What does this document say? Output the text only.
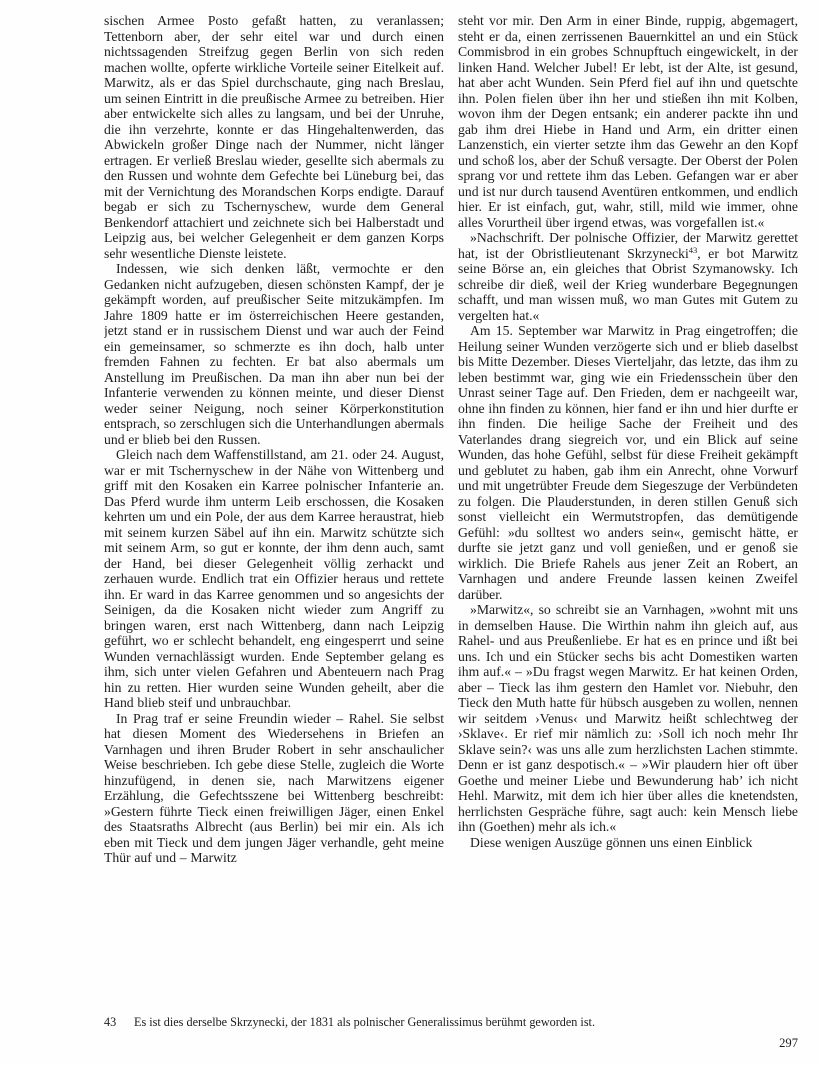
sischen Armee Posto gefaßt hatten, zu veranlassen; Tettenborn aber, der sehr eitel war und durch einen nichtssagenden Streifzug gegen Berlin von sich reden machen wollte, opferte wirkliche Vorteile seiner Eitelkeit auf. Marwitz, als er das Spiel durchschaute, ging nach Breslau, um seinen Eintritt in die preußische Armee zu betreiben. Hier aber entwickelte sich alles zu langsam, und bei der Unruhe, die ihn verzehrte, konnte er das Hingehaltenwerden, das Abwickeln großer Dinge nach der Nummer, nicht länger ertragen. Er verließ Breslau wieder, gesellte sich abermals zu den Russen und wohnte dem Gefechte bei Lüneburg bei, das mit der Vernichtung des Morandschen Korps endigte. Darauf begab er sich zu Tschernyschew, wurde dem General Benkendorf attachiert und zeichnete sich bei Halberstadt und Leipzig aus, bei welcher Gelegenheit er dem ganzen Korps sehr wesentliche Dienste leistete.

Indessen, wie sich denken läßt, vermochte er den Gedanken nicht aufzugeben, diesen schönsten Kampf, der je gekämpft worden, auf preußischer Seite mitzukämpfen. Im Jahre 1809 hatte er im österreichischen Heere gestanden, jetzt stand er in russischem Dienst und war auch der Feind ein gemeinsamer, so schmerzte es ihn doch, halb unter fremden Fahnen zu fechten. Er bat also abermals um Anstellung im Preußischen. Da man ihn aber nun bei der Infanterie verwenden zu können meinte, und dieser Dienst weder seiner Neigung, noch seiner Körperkonstitution entsprach, so zerschlugen sich die Unterhandlungen abermals und er blieb bei den Russen.

Gleich nach dem Waffenstillstand, am 21. oder 24. August, war er mit Tschernyschew in der Nähe von Wittenberg und griff mit den Kosaken ein Karree polnischer Infanterie an. Das Pferd wurde ihm unterm Leib erschossen, die Kosaken kehrten um und ein Pole, der aus dem Karree heraustrat, hieb mit seinem kurzen Säbel auf ihn ein. Marwitz schützte sich mit seinem Arm, so gut er konnte, der ihm denn auch, samt der Hand, bei dieser Gelegenheit völlig zerhackt und zerhauen wurde. Endlich trat ein Offizier heraus und rettete ihn. Er ward in das Karree genommen und so angesichts der Seinigen, da die Kosaken nicht wieder zum Angriff zu bringen waren, erst nach Wittenberg, dann nach Leipzig geführt, wo er schlecht behandelt, eng eingesperrt und seine Wunden vernachlässigt wurden. Ende September gelang es ihm, sich unter vielen Gefahren und Abenteuern nach Prag hin zu retten. Hier wurden seine Wunden geheilt, aber die Hand blieb steif und unbrauchbar.

In Prag traf er seine Freundin wieder – Rahel. Sie selbst hat diesen Moment des Wiedersehens in Briefen an Varnhagen und ihren Bruder Robert in sehr anschaulicher Weise beschrieben. Ich gebe diese Stelle, zugleich die Worte hinzufügend, in denen sie, nach Marwitzens eigener Erzählung, die Gefechtsszene bei Wittenberg beschreibt: »Gestern führte Tieck einen freiwilligen Jäger, einen Enkel des Staatsraths Albrecht (aus Berlin) bei mir ein. Als ich eben mit Tieck und dem jungen Jäger verhandle, geht meine Thür auf und – Marwitz

steht vor mir. Den Arm in einer Binde, ruppig, abgemagert, steht er da, einen zerrissenen Bauernkittel an und ein Stück Commisbrod in ein grobes Schnupftuch eingewickelt, in der linken Hand. Welcher Jubel! Er lebt, ist der Alte, ist gesund, hat aber acht Wunden. Sein Pferd fiel auf ihn und quetschte ihn. Polen fielen über ihn her und stießen ihn mit Kolben, wovon ihm der Degen entsank; ein anderer packte ihn und gab ihm drei Hiebe in Hand und Arm, ein dritter einen Lanzenstich, ein vierter setzte ihm das Gewehr an den Kopf und schoß los, aber der Schuß versagte. Der Oberst der Polen sprang vor und rettete ihm das Leben. Gefangen war er aber und ist nur durch tausend Aventüren entkommen, und endlich hier. Er ist einfach, gut, wahr, still, mild wie immer, ohne alles Vorurtheil über irgend etwas, was vorgefallen ist.«

»Nachschrift. Der polnische Offizier, der Marwitz gerettet hat, ist der Obristlieutenant Skrzynecki$^{43}$, er bot Marwitz seine Börse an, ein gleiches that Obrist Szymanowsky. Ich schreibe dir dieß, weil der Krieg wunderbare Begegnungen schafft, und man wissen muß, wo man Gutes mit Gutem zu vergelten hat.«

Am 15. September war Marwitz in Prag eingetroffen; die Heilung seiner Wunden verzögerte sich und er blieb daselbst bis Mitte Dezember. Dieses Vierteljahr, das letzte, das ihm zu leben bestimmt war, ging wie ein Friedensschein über den Unrast seiner Tage auf. Den Frieden, dem er nachgeeilt war, ohne ihn finden zu können, hier fand er ihn und hier durfte er ihn finden. Die heilige Sache der Freiheit und des Vaterlandes drang siegreich vor, und ein Blick auf seine Wunden, das hohe Gefühl, selbst für diese Freiheit gekämpft und geblutet zu haben, gab ihm ein Anrecht, ohne Vorwurf und mit ungetrübter Freude dem Siegeszuge der Verbündeten zu folgen. Die Plauderstunden, in deren stillen Genuß sich sonst vielleicht ein Wermutstropfen, das demütigende Gefühl: »du solltest wo anders sein«, gemischt hätte, er durfte sie jetzt ganz und voll genießen, und er genoß sie wirklich. Die Briefe Rahels aus jener Zeit an Robert, an Varnhagen und andere Freunde lassen keinen Zweifel darüber.

»Marwitz«, so schreibt sie an Varnhagen, »wohnt mit uns in demselben Hause. Die Wirthin nahm ihn gleich auf, aus Rahel- und aus Preußenliebe. Er hat es en prince und ißt bei uns. Ich und ein Stücker sechs bis acht Domestiken warten ihm auf.« – »Du fragst wegen Marwitz. Er hat keinen Orden, aber – Tieck las ihm gestern den Hamlet vor. Niebuhr, den Tieck den Muth hatte für hübsch ausgeben zu wollen, nennen wir seitdem ›Venus‹ und Marwitz heißt schlechtweg der ›Sklave‹. Er rief mir nämlich zu: ›Soll ich noch mehr Ihr Sklave sein?‹ was uns alle zum herzlichsten Lachen stimmte. Denn er ist ganz despotisch.« – »Wir plaudern hier oft über Goethe und meiner Liebe und Bewunderung hab’ ich nicht Hehl. Marwitz, mit dem ich hier über alles die knetendsten, herrlichsten Gespräche führe, sagt auch: kein Mensch liebe ihn (Goethen) mehr als ich.«

Diese wenigen Auszüge gönnen uns einen Einblick

43	Es ist dies derselbe Skrzynecki, der 1831 als polnischer Generalissimus berühmt geworden ist.
297
